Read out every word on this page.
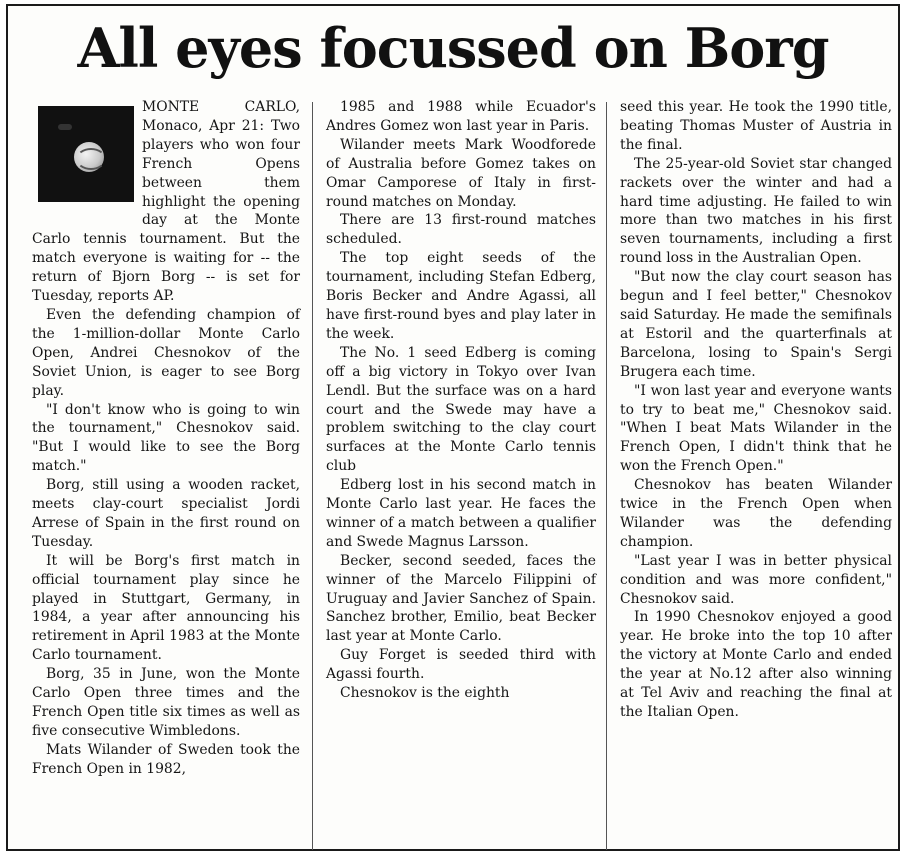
All eyes focussed on Borg

MONTE CARLO, Monaco, Apr 21: Two players who won four French Opens between them highlight the opening day at the Monte Carlo tennis tournament. But the match everyone is waiting for -- the return of Bjorn Borg -- is set for Tuesday, reports AP.

Even the defending champion of the 1-million-dollar Monte Carlo Open, Andrei Chesnokov of the Soviet Union, is eager to see Borg play.

"I don't know who is going to win the tournament," Chesnokov said. "But I would like to see the Borg match."

Borg, still using a wooden racket, meets clay-court specialist Jordi Arrese of Spain in the first round on Tuesday.

It will be Borg's first match in official tournament play since he played in Stuttgart, Germany, in 1984, a year after announcing his retirement in April 1983 at the Monte Carlo tournament.

Borg, 35 in June, won the Monte Carlo Open three times and the French Open title six times as well as five consecutive Wimbledons.

Mats Wilander of Sweden took the French Open in 1982,

1985 and 1988 while Ecuador's Andres Gomez won last year in Paris.

Wilander meets Mark Woodforede of Australia before Gomez takes on Omar Camporese of Italy in first-round matches on Monday.

There are 13 first-round matches scheduled.

The top eight seeds of the tournament, including Stefan Edberg, Boris Becker and Andre Agassi, all have first-round byes and play later in the week.

The No. 1 seed Edberg is coming off a big victory in Tokyo over Ivan Lendl. But the surface was on a hard court and the Swede may have a problem switching to the clay court surfaces at the Monte Carlo tennis club

Edberg lost in his second match in Monte Carlo last year. He faces the winner of a match between a qualifier and Swede Magnus Larsson.

Becker, second seeded, faces the winner of the Marcelo Filippini of Uruguay and Javier Sanchez of Spain. Sanchez brother, Emilio, beat Becker last year at Monte Carlo.

Guy Forget is seeded third with Agassi fourth.

Chesnokov is the eighth

seed this year. He took the 1990 title, beating Thomas Muster of Austria in the final.

The 25-year-old Soviet star changed rackets over the winter and had a hard time adjusting. He failed to win more than two matches in his first seven tournaments, including a first round loss in the Australian Open.

"But now the clay court season has begun and I feel better," Chesnokov said Saturday. He made the semifinals at Estoril and the quarterfinals at Barcelona, losing to Spain's Sergi Brugera each time.

"I won last year and everyone wants to try to beat me," Chesnokov said. "When I beat Mats Wilander in the French Open, I didn't think that he won the French Open."

Chesnokov has beaten Wilander twice in the French Open when Wilander was the defending champion.

"Last year I was in better physical condition and was more confident," Chesnokov said.

In 1990 Chesnokov enjoyed a good year. He broke into the top 10 after the victory at Monte Carlo and ended the year at No.12 after also winning at Tel Aviv and reaching the final at the Italian Open.
